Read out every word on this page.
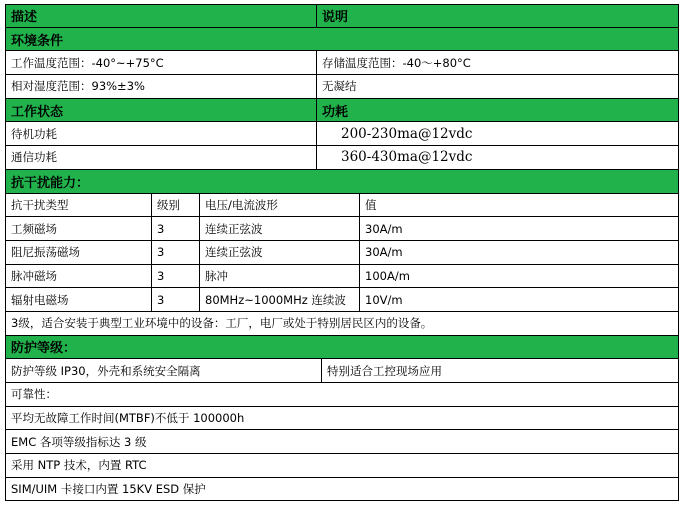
描述	说明
环境条件
工作温度范围：-40°~+75°C	存储温度范围：-40～+80°C
相对湿度范围：93%±3%	无凝结
工作状态	功耗
待机功耗	200-230ma@12vdc
通信功耗	360-430ma@12vdc
抗干扰能力：
抗干扰类型	级别	电压/电流波形	值
工频磁场	3	连续正弦波	30A/m
阻尼振荡磁场	3	连续正弦波	30A/m
脉冲磁场	3	脉冲	100A/m
辐射电磁场	3	80MHz~1000MHz 连续波	10V/m
3级，适合安装于典型工业环境中的设备：工厂，电厂或处于特别居民区内的设备。
防护等级：
防护等级 IP30，外壳和系统安全隔离	特别适合工控现场应用
可靠性：
平均无故障工作时间(MTBF)不低于 100000h
EMC 各项等级指标达 3 级
采用 NTP 技术，内置 RTC
SIM/UIM 卡接口内置 15KV ESD 保护
